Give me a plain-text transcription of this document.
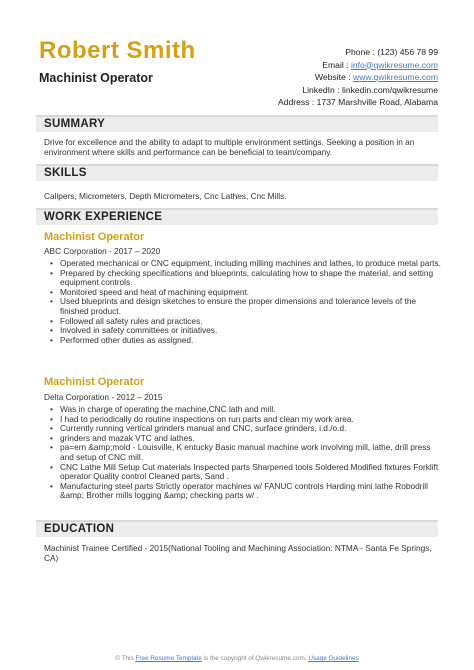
Robert Smith
Machinist Operator
Phone : (123) 456 78 99
Email : info@qwikresume.com
Website : www.qwikresume.com
LinkedIn : linkedin.com/qwikresume
Address : 1737 Marshville Road, Alabama
SUMMARY
Drive for excellence and the ability to adapt to multiple environment settings. Seeking a position in an environment where skills and performance can be beneficial to team/company.
SKILLS
Calipers, Micrometers, Depth Micrometers, Cnc Lathes, Cnc Mills.
WORK EXPERIENCE
Machinist Operator
ABC Corporation - 2017 – 2020
• Operated mechanical or CNC equipment, including milling machines and lathes, to produce metal parts.
• Prepared by checking specifications and blueprints, calculating how to shape the material, and setting equipment controls.
• Monitored speed and heat of machining equipment.
• Used blueprints and design sketches to ensure the proper dimensions and tolerance levels of the finished product.
• Followed all safety rules and practices.
• Involved in safety committees or initiatives.
• Performed other duties as assigned.
Machinist Operator
Delta Corporation - 2012 – 2015
• Was in charge of operating the machine,CNC lath and mill.
• I had to periodically do routine inspections on run parts and clean my work area.
• Currently running vertical grinders manual and CNC, surface grinders, i.d./o.d.
• grinders and mazak VTC and lathes.
• pa=ern &amp;mold - Louisville, K entucky Basic manual machine work involving mill, lathe, drill press and setup of CNC mill.
• CNC Lathe Mill Setup Cut materials Inspected parts Sharpened tools Soldered Modified fixtures Forklift operator Quality control Cleaned parts, Sand .
• Manufacturing steel parts Strictly operator machines w/ FANUC controls Harding mini lathe Robodrill &amp; Brother mills logging &amp; checking parts w/ .
EDUCATION
Machinist Trainee Certified - 2015(National Tooling and Machining Association: NTMA - Santa Fe Springs, CA)
© This Free Resume Template is the copyright of Qwikresume.com. Usage Guidelines
